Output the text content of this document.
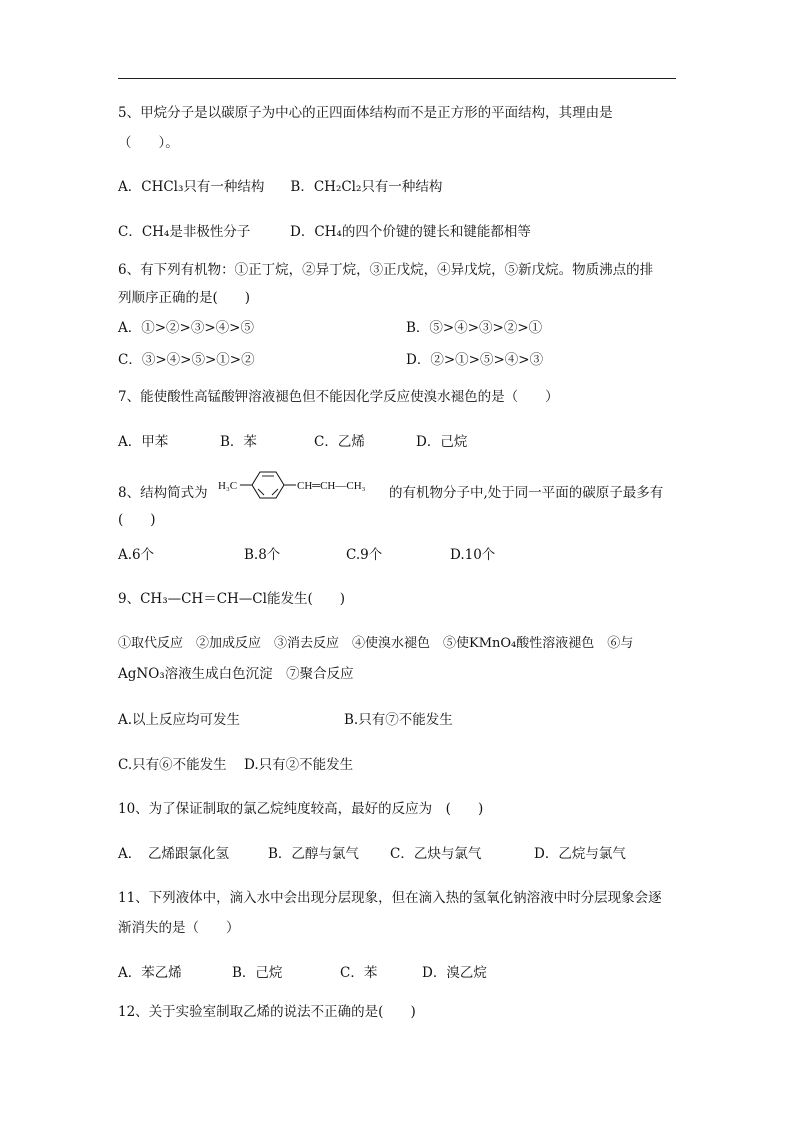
5、甲烷分子是以碳原子为中心的正四面体结构而不是正方形的平面结构，其理由是
（　　）。
A．CHCl₃只有一种结构 B．CH₂Cl₂只有一种结构
C．CH₄是非极性分子	D．CH₄的四个价键的键长和键能都相等
6、有下列有机物：①正丁烷，②异丁烷，③正戊烷，④异戊烷，⑤新戊烷。物质沸点的排
列顺序正确的是(　　)
A．①>②>③>④>⑤	B．⑤>④>③>②>①
C．③>④>⑤>①>②	D．②>①>⑤>④>③
7、能使酸性高锰酸钾溶液褪色但不能因化学反应使溴水褪色的是（　　）
A．甲苯	B．苯	C．乙烯	D．己烷
8、结构简式为 H₃C	CH═CH—CH₃ 的有机物分子中,处于同一平面的碳原子最多有
(　　)
A.6个	B.8个	C.9个	D.10个
9、CH₃—CH＝CH—Cl能发生(　　)
①取代反应　②加成反应　③消去反应　④使溴水褪色　⑤使KMnO₄酸性溶液褪色　⑥与
AgNO₃溶液生成白色沉淀　⑦聚合反应
A.以上反应均可发生	B.只有⑦不能发生
C.只有⑥不能发生 D.只有②不能发生
10、为了保证制取的氯乙烷纯度较高，最好的反应为　(　　)
A．　乙烯跟氯化氢	B．乙醇与氯气 C．乙炔与氯气	D．乙烷与氯气
11、下列液体中，滴入水中会出现分层现象，但在滴入热的氢氧化钠溶液中时分层现象会逐
渐消失的是（　　）
A．苯乙烯	B．己烷	C．苯	D．溴乙烷
12、关于实验室制取乙烯的说法不正确的是(　　)
